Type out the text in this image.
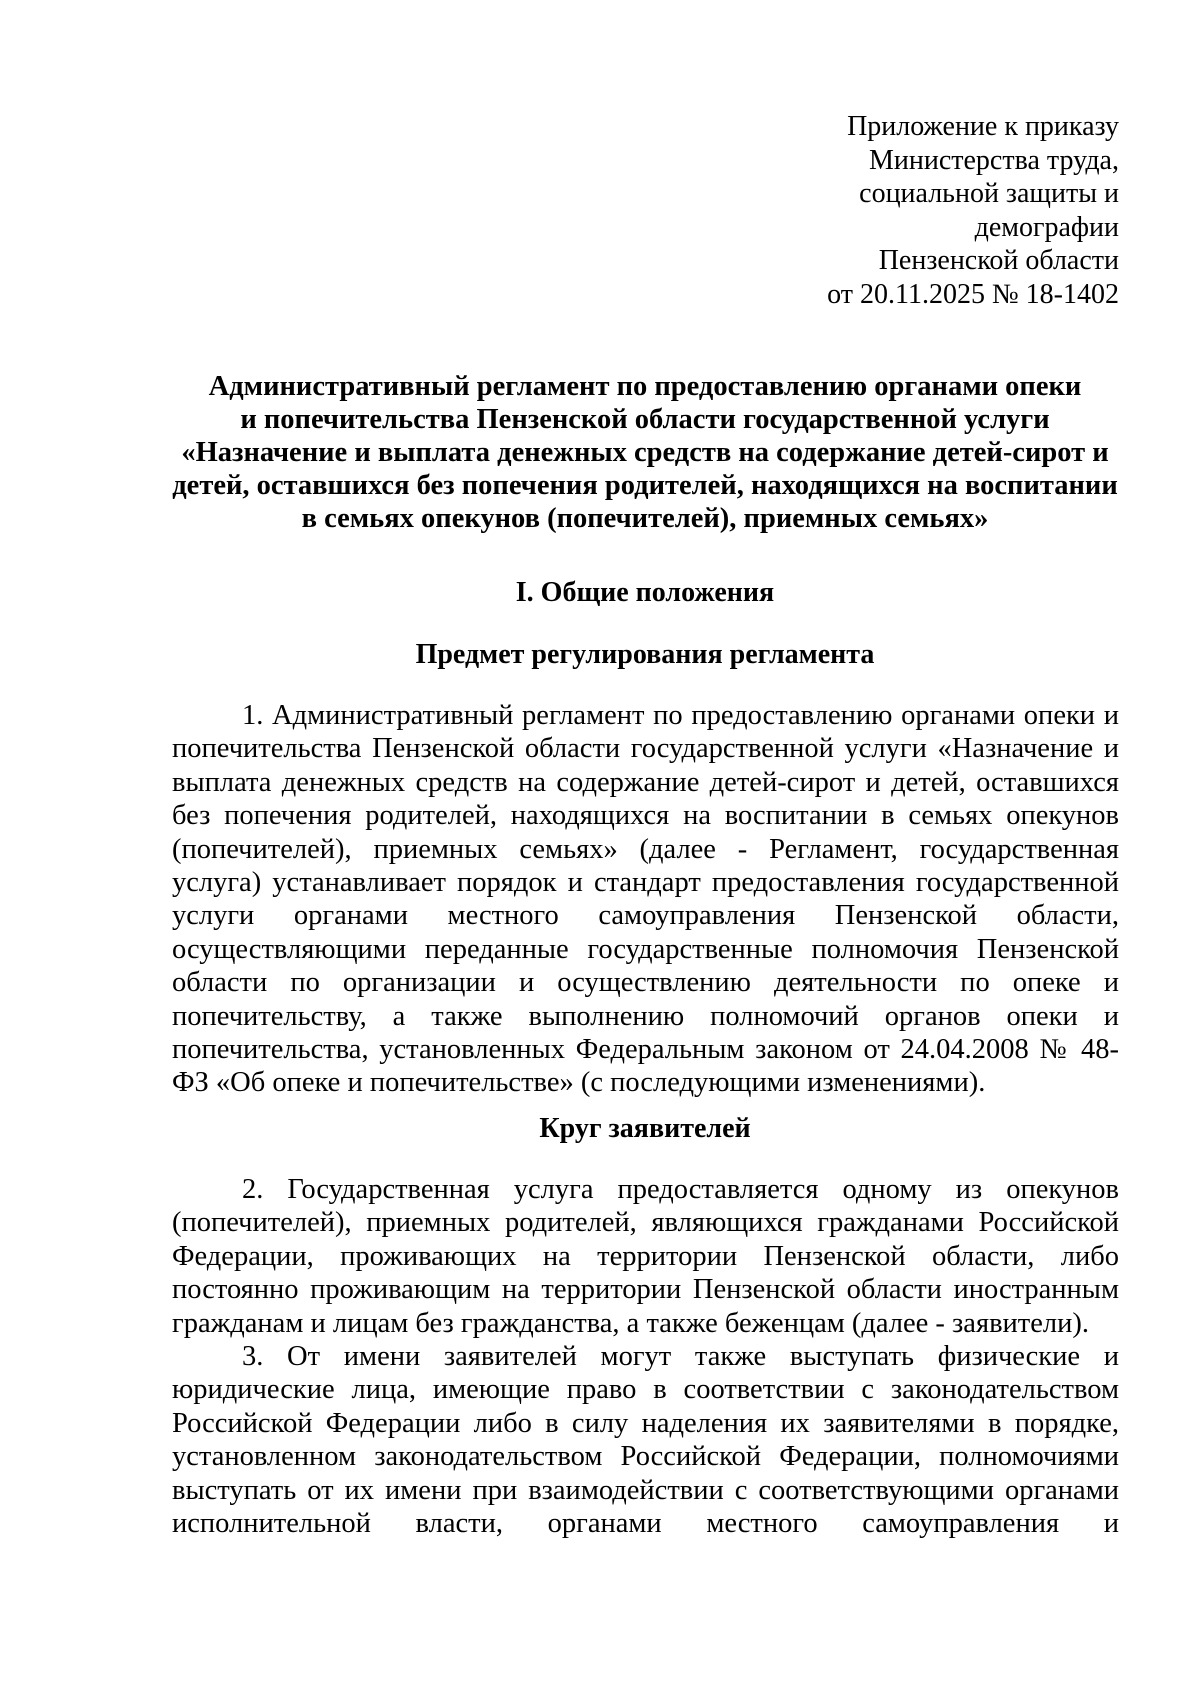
Приложение к приказу
Министерства труда,
социальной защиты и
демографии
Пензенской области
от 20.11.2025 № 18-1402
Административный регламент по предоставлению органами опеки
и попечительства Пензенской области государственной услуги
«Назначение и выплата денежных средств на содержание детей-сирот и
детей, оставшихся без попечения родителей, находящихся на воспитании
в семьях опекунов (попечителей), приемных семьях»
I. Общие положения
Предмет регулирования регламента
1. Административный регламент по предоставлению органами опеки и
попечительства Пензенской области государственной услуги «Назначение и
выплата денежных средств на содержание детей-сирот и детей, оставшихся
без попечения родителей, находящихся на воспитании в семьях опекунов
(попечителей), приемных семьях» (далее - Регламент, государственная
услуга) устанавливает порядок и стандарт предоставления государственной
услуги органами местного самоуправления Пензенской области,
осуществляющими переданные государственные полномочия Пензенской
области по организации и осуществлению деятельности по опеке и
попечительству, а также выполнению полномочий органов опеки и
попечительства, установленных Федеральным законом от 24.04.2008 № 48-
ФЗ «Об опеке и попечительстве» (с последующими изменениями).
Круг заявителей
2. Государственная услуга предоставляется одному из опекунов
(попечителей), приемных родителей, являющихся гражданами Российской
Федерации, проживающих на территории Пензенской области, либо
постоянно проживающим на территории Пензенской области иностранным
гражданам и лицам без гражданства, а также беженцам (далее - заявители).
3. От имени заявителей могут также выступать физические и
юридические лица, имеющие право в соответствии с законодательством
Российской Федерации либо в силу наделения их заявителями в порядке,
установленном законодательством Российской Федерации, полномочиями
выступать от их имени при взаимодействии с соответствующими органами
исполнительной власти, органами местного самоуправления и
